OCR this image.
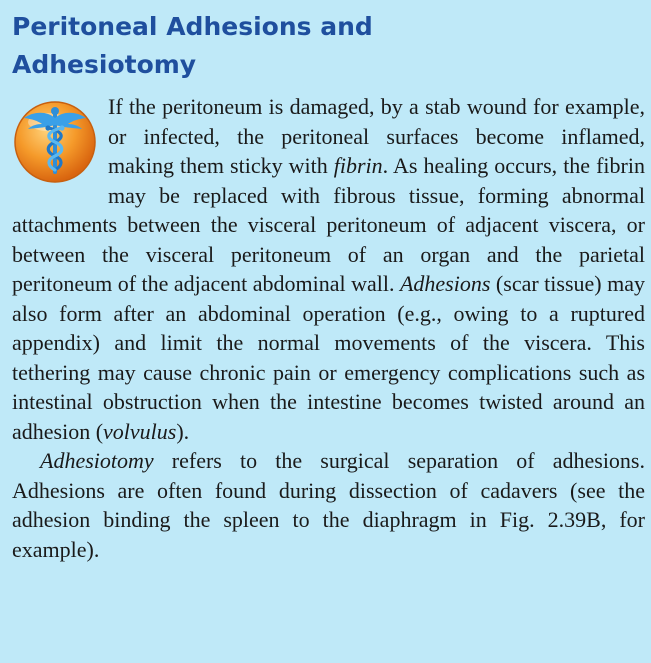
Peritoneal Adhesions and Adhesiotomy

If the peritoneum is damaged, by a stab wound for example, or infected, the peritoneal surfaces become inflamed, making them sticky with fibrin. As healing occurs, the fibrin may be replaced with fibrous tissue, forming abnormal attachments between the visceral peritoneum of adjacent viscera, or between the visceral peritoneum of an organ and the parietal peritoneum of the adjacent abdominal wall. Adhesions (scar tissue) may also form after an abdominal operation (e.g., owing to a ruptured appendix) and limit the normal movements of the viscera. This tethering may cause chronic pain or emergency complications such as intestinal obstruction when the intestine becomes twisted around an adhesion (volvulus).

Adhesiotomy refers to the surgical separation of adhesions. Adhesions are often found during dissection of cadavers (see the adhesion binding the spleen to the diaphragm in Fig. 2.39B, for example).
